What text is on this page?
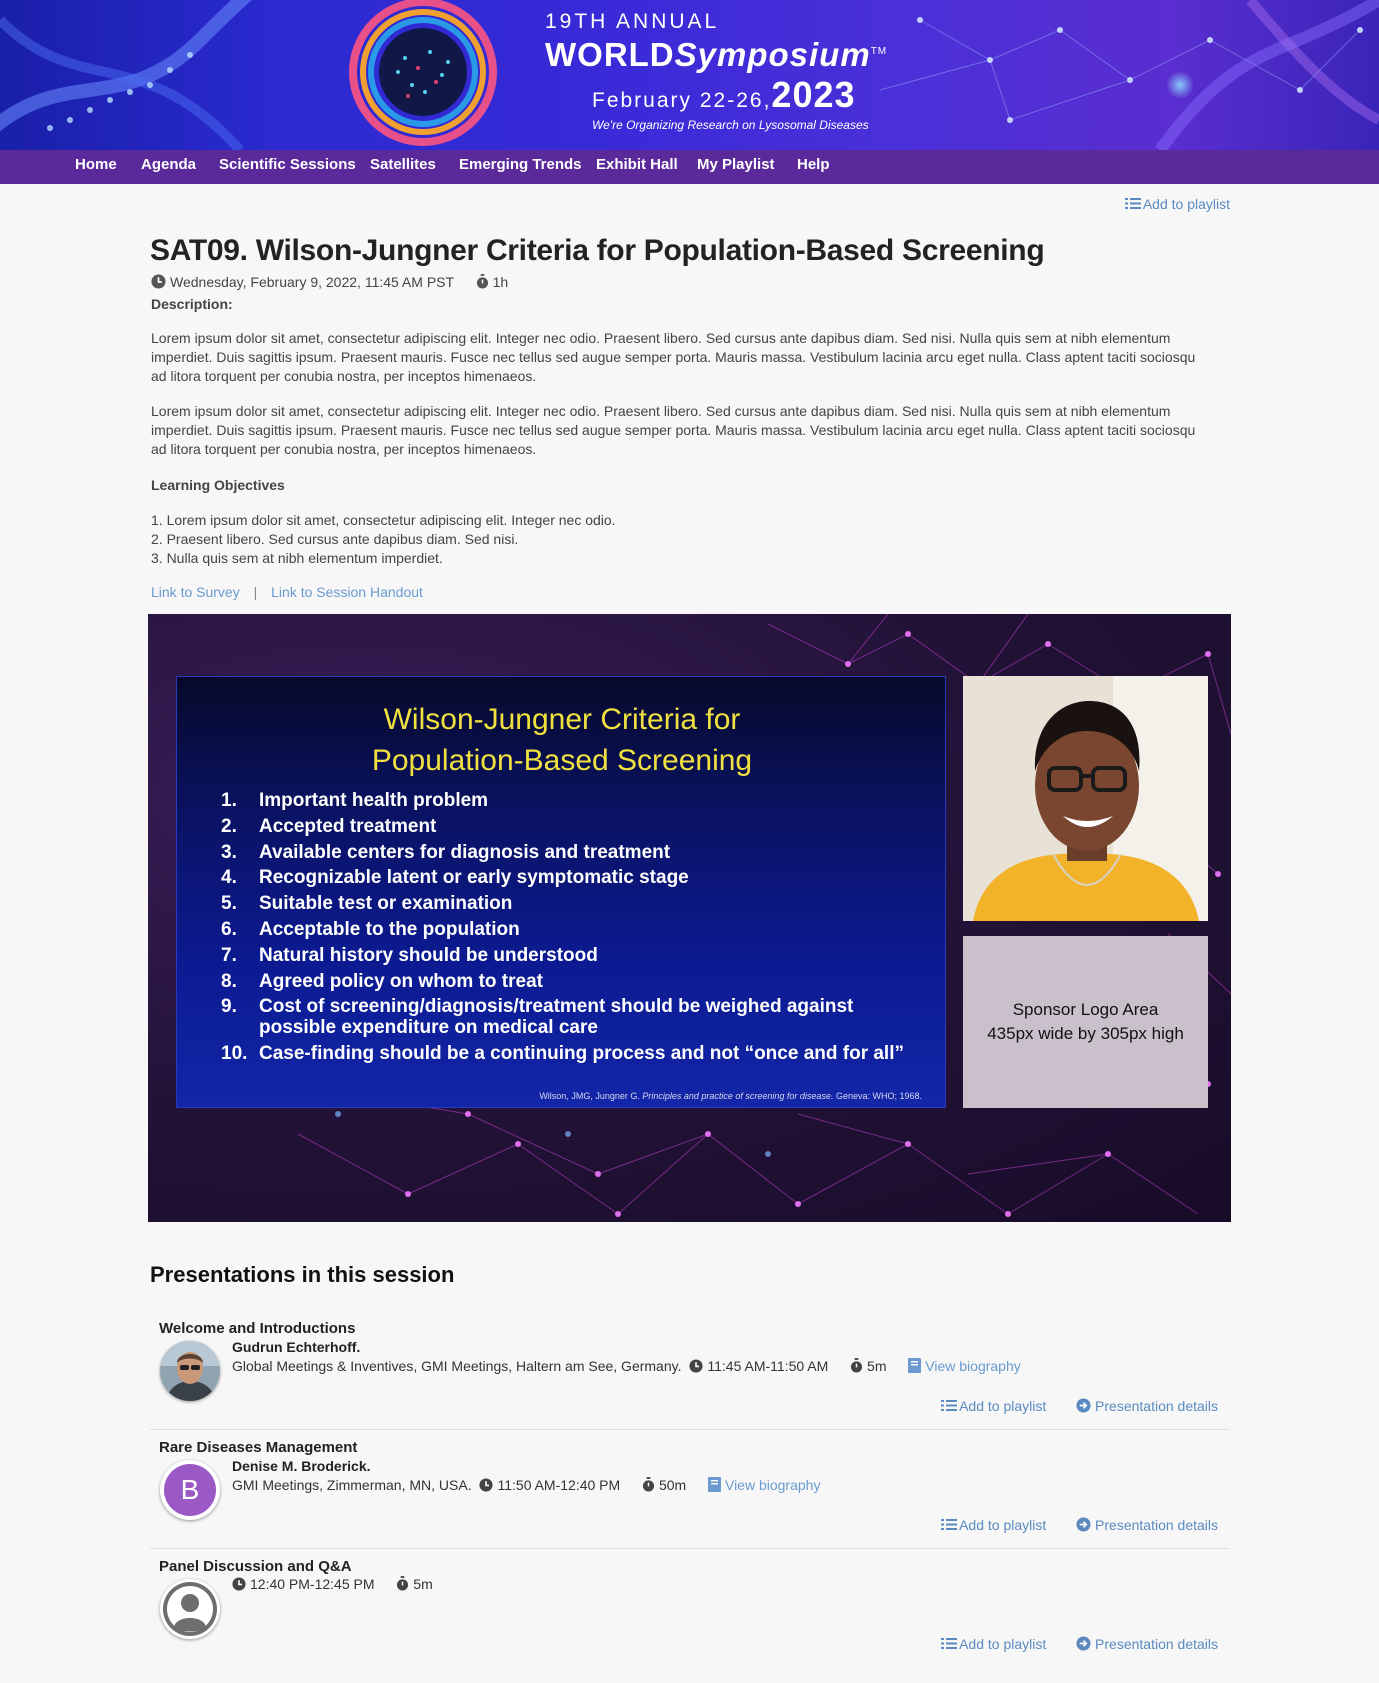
19TH ANNUAL
WORLDSymposium™
February 22-26,2023
We're Organizing Research on Lysosomal Diseases
Home Agenda Scientific Sessions Satellites Emerging Trends Exhibit Hall My Playlist Help
Add to playlist
SAT09. Wilson-Jungner Criteria for Population-Based Screening
Wednesday, February 9, 2022, 11:45 AM PST	1h
Description:

Lorem ipsum dolor sit amet, consectetur adipiscing elit. Integer nec odio. Praesent libero. Sed cursus ante dapibus diam. Sed nisi. Nulla quis sem at nibh elementum imperdiet. Duis sagittis ipsum. Praesent mauris. Fusce nec tellus sed augue semper porta. Mauris massa. Vestibulum lacinia arcu eget nulla. Class aptent taciti sociosqu ad litora torquent per conubia nostra, per inceptos himenaeos.

Lorem ipsum dolor sit amet, consectetur adipiscing elit. Integer nec odio. Praesent libero. Sed cursus ante dapibus diam. Sed nisi. Nulla quis sem at nibh elementum imperdiet. Duis sagittis ipsum. Praesent mauris. Fusce nec tellus sed augue semper porta. Mauris massa. Vestibulum lacinia arcu eget nulla. Class aptent taciti sociosqu ad litora torquent per conubia nostra, per inceptos himenaeos.

Learning Objectives
1. Lorem ipsum dolor sit amet, consectetur adipiscing elit. Integer nec odio.
2. Praesent libero. Sed cursus ante dapibus diam. Sed nisi.
3. Nulla quis sem at nibh elementum imperdiet.
Link to Survey | Link to Session Handout
Wilson-Jungner Criteria for
Population-Based Screening
1. Important health problem
2. Accepted treatment
3. Available centers for diagnosis and treatment
4. Recognizable latent or early symptomatic stage
5. Suitable test or examination
6. Acceptable to the population
7. Natural history should be understood
8. Agreed policy on whom to treat
9. Cost of screening/diagnosis/treatment should be weighed against possible expenditure on medical care
10. Case-finding should be a continuing process and not “once and for all”
Wilson, JMG, Jungner G. Principles and practice of screening for disease. Geneva: WHO; 1968.
Sponsor Logo Area
435px wide by 305px high
Presentations in this session
Welcome and Introductions
Gudrun Echterhoff.
Global Meetings & Inventives, GMI Meetings, Haltern am See, Germany. 11:45 AM-11:50 AM	5m	View biography
Add to playlist	Presentation details
Rare Diseases Management
B
Denise M. Broderick.
GMI Meetings, Zimmerman, MN, USA. 11:50 AM-12:40 PM	50m	View biography
Add to playlist	Presentation details
Panel Discussion and Q&A
12:40 PM-12:45 PM	5m
Add to playlist	Presentation details
